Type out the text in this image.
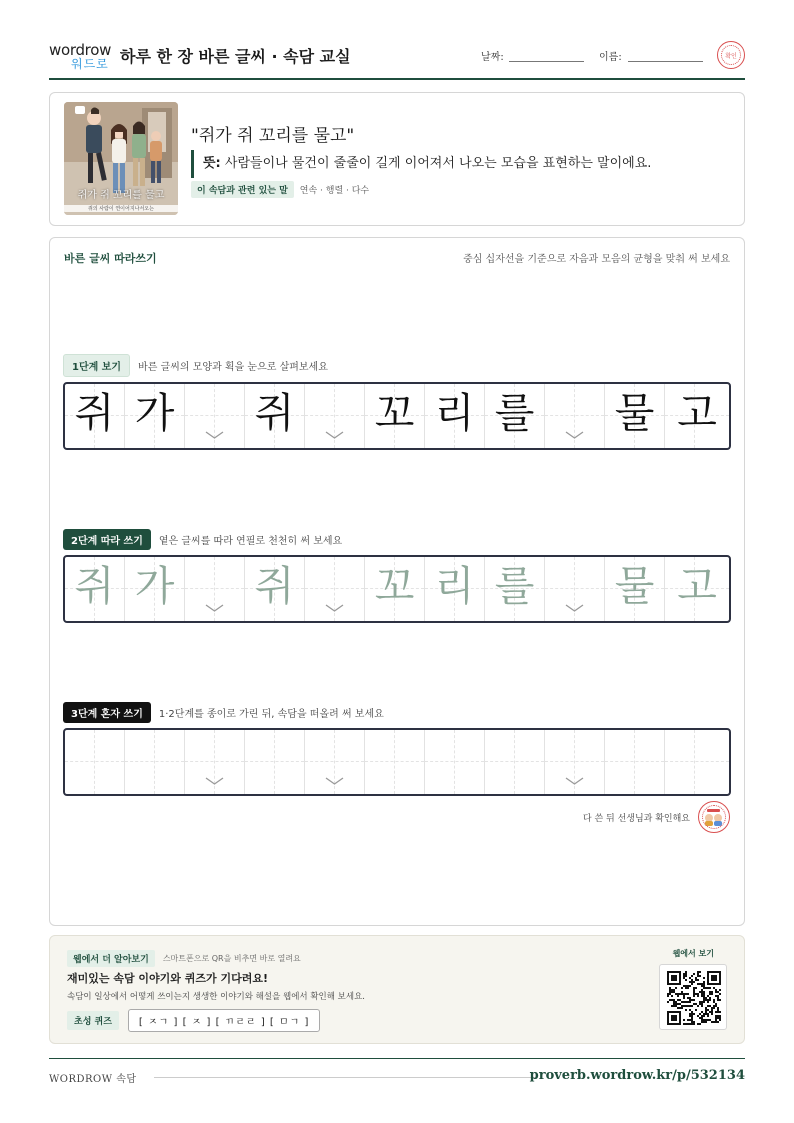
wordrow
워드로 하루 한 장 바른 글씨 · 속담 교실	날짜:	이름:	확인
쥐가 쥐 꼬리를 물고
쥐의 사람이 연이어지나서오는
"쥐가 쥐 꼬리를 물고"
뜻: 사람들이나 물건이 줄줄이 길게 이어져서 나오는 모습을 표현하는 말이에요.
이 속담과 관련 있는 말	연속 · 행렬 · 다수
바른 글씨 따라쓰기	중심 십자선을 기준으로 자음과 모음의 균형을 맞춰 써 보세요
1단계 보기	바른 글씨의 모양과 획을 눈으로 살펴보세요
쥐 가 쥐 꼬 리 를 물 고
2단계 따라 쓰기	옅은 글씨를 따라 연필로 천천히 써 보세요
쥐 가 쥐 꼬 리 를 물 고
3단계 혼자 쓰기	1·2단계를 종이로 가린 뒤, 속담을 떠올려 써 보세요
다 쓴 뒤 선생님과 확인해요
웹에서 더 알아보기	스마트폰으로 QR을 비추면 바로 열려요
재미있는 속담 이야기와 퀴즈가 기다려요!
속담이 일상에서 어떻게 쓰이는지 생생한 이야기와 해설을 웹에서 확인해 보세요.
초성 퀴즈	[ ㅈㄱ ] [ ㅈ ] [ ㄲㄹㄹ ] [ ㅁㄱ ]
웹에서 보기
WORDROW 속담	proverb.wordrow.kr/p/532134
